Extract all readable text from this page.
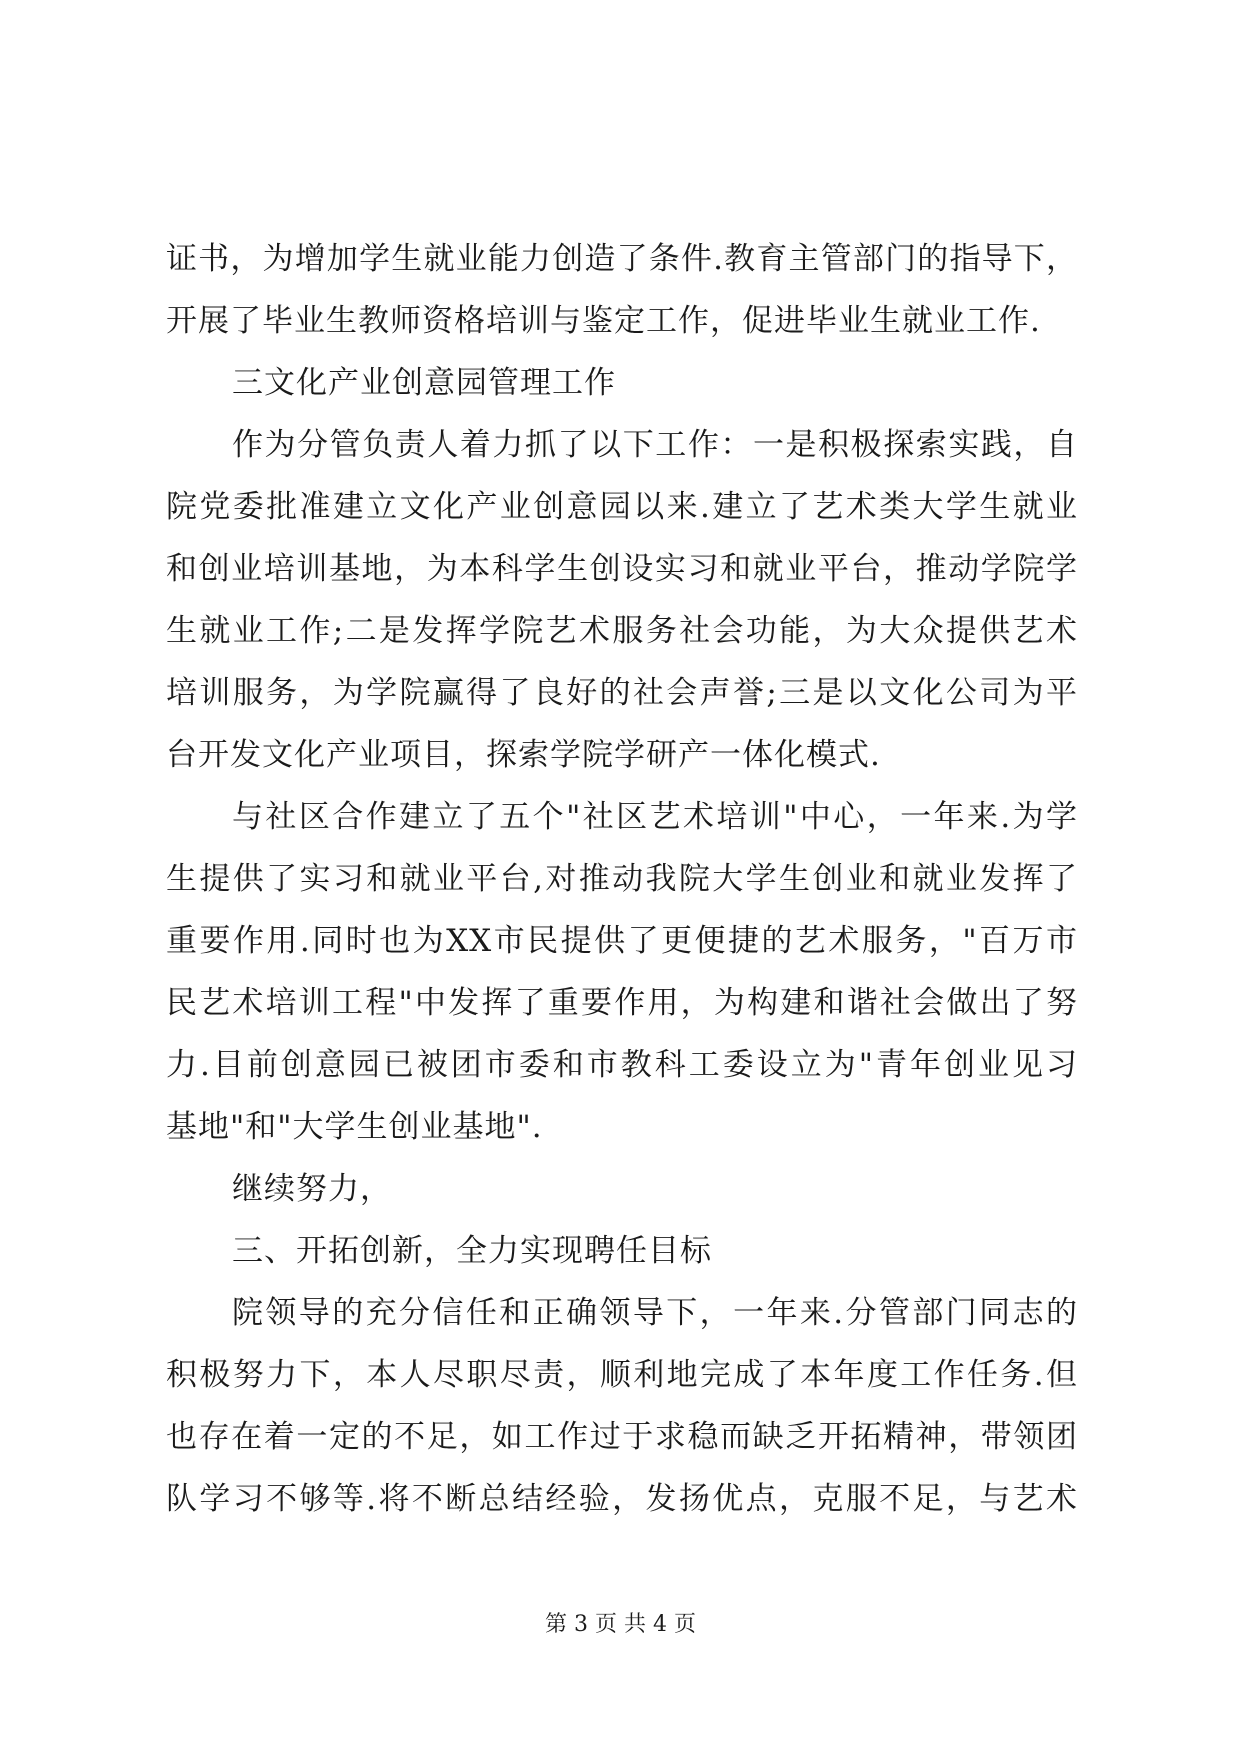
证书，为增加学生就业能力创造了条件.教育主管部门的指导下，
开展了毕业生教师资格培训与鉴定工作，促进毕业生就业工作.
三文化产业创意园管理工作
作为分管负责人着力抓了以下工作：一是积极探索实践，自
院党委批准建立文化产业创意园以来.建立了艺术类大学生就业
和创业培训基地，为本科学生创设实习和就业平台，推动学院学
生就业工作;二是发挥学院艺术服务社会功能，为大众提供艺术
培训服务，为学院赢得了良好的社会声誉;三是以文化公司为平
台开发文化产业项目，探索学院学研产一体化模式.
与社区合作建立了五个"社区艺术培训"中心，一年来.为学
生提供了实习和就业平台,对推动我院大学生创业和就业发挥了
重要作用.同时也为XX市民提供了更便捷的艺术服务，"百万市
民艺术培训工程"中发挥了重要作用，为构建和谐社会做出了努
力.目前创意园已被团市委和市教科工委设立为"青年创业见习
基地"和"大学生创业基地".
继续努力，
三、开拓创新，全力实现聘任目标
院领导的充分信任和正确领导下，一年来.分管部门同志的
积极努力下，本人尽职尽责，顺利地完成了本年度工作任务.但
也存在着一定的不足，如工作过于求稳而缺乏开拓精神，带领团
队学习不够等.将不断总结经验，发扬优点，克服不足，与艺术
第 3 页 共 4 页
